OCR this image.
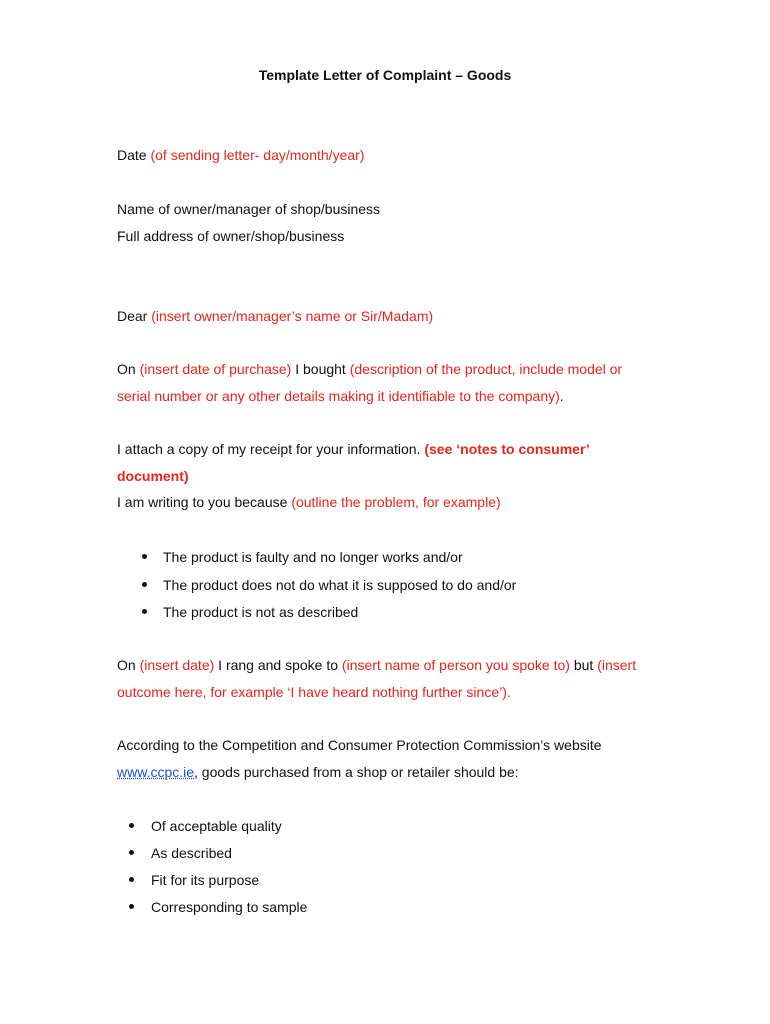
Template Letter of Complaint – Goods
Date (of sending letter- day/month/year)
Name of owner/manager of shop/business
Full address of owner/shop/business
Dear (insert owner/manager’s name or Sir/Madam)
On (insert date of purchase) I bought (description of the product, include model or
serial number or any other details making it identifiable to the company).
I attach a copy of my receipt for your information. (see ‘notes to consumer’
document)
I am writing to you because (outline the problem, for example)
The product is faulty and no longer works and/or
The product does not do what it is supposed to do and/or
The product is not as described
On (insert date) I rang and spoke to (insert name of person you spoke to) but (insert
outcome here, for example ‘I have heard nothing further since’).
According to the Competition and Consumer Protection Commission’s website
www.ccpc.ie, goods purchased from a shop or retailer should be:
Of acceptable quality
As described
Fit for its purpose
Corresponding to sample
